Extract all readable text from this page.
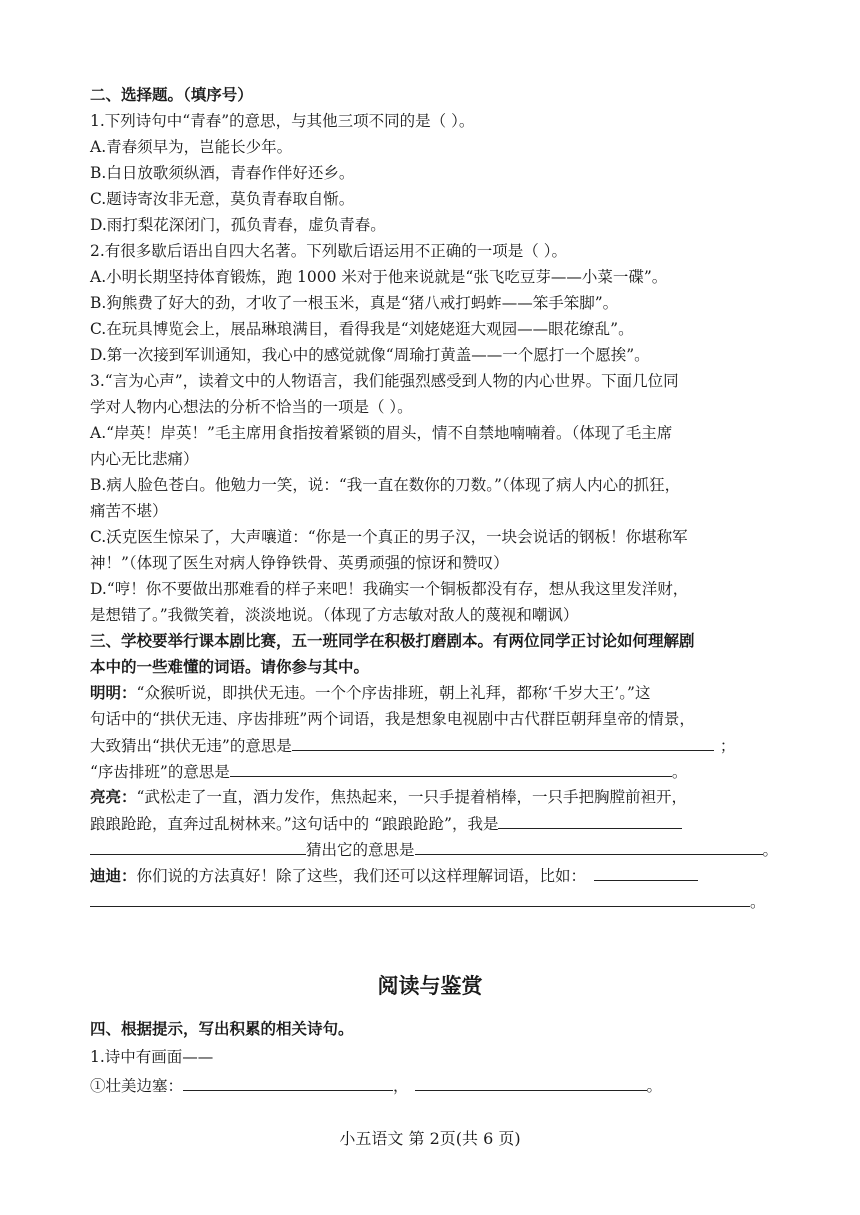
二、选择题。（填序号）
1.下列诗句中“青春”的意思，与其他三项不同的是（ ）。
A.青春须早为，岂能长少年。
B.白日放歌须纵酒，青春作伴好还乡。
C.题诗寄汝非无意，莫负青春取自惭。
D.雨打梨花深闭门，孤负青春，虚负青春。
2.有很多歇后语出自四大名著。下列歇后语运用不正确的一项是（ ）。
A.小明长期坚持体育锻炼，跑 1000 米对于他来说就是“张飞吃豆芽——小菜一碟”。
B.狗熊费了好大的劲，才收了一根玉米，真是“猪八戒打蚂蚱——笨手笨脚”。
C.在玩具博览会上，展品琳琅满目，看得我是“刘姥姥逛大观园——眼花缭乱”。
D.第一次接到军训通知，我心中的感觉就像“周瑜打黄盖——一个愿打一个愿挨”。
3.“言为心声”，读着文中的人物语言，我们能强烈感受到人物的内心世界。下面几位同
学对人物内心想法的分析不恰当的一项是（ ）。
A.“岸英！岸英！”毛主席用食指按着紧锁的眉头，情不自禁地喃喃着。（体现了毛主席
内心无比悲痛）
B.病人脸色苍白。他勉力一笑，说：“我一直在数你的刀数。”（体现了病人内心的抓狂，
痛苦不堪）
C.沃克医生惊呆了，大声嚷道：“你是一个真正的男子汉，一块会说话的钢板！你堪称军
神！”（体现了医生对病人铮铮铁骨、英勇顽强的惊讶和赞叹）
D.“哼！你不要做出那难看的样子来吧！我确实一个铜板都没有存，想从我这里发洋财，
是想错了。”我微笑着，淡淡地说。（体现了方志敏对敌人的蔑视和嘲讽）
三、学校要举行课本剧比赛，五一班同学在积极打磨剧本。有两位同学正讨论如何理解剧
本中的一些难懂的词语。请你参与其中。
明明：“众猴听说，即拱伏无违。一个个序齿排班，朝上礼拜，都称‘千岁大王’。”这
句话中的“拱伏无违、序齿排班”两个词语，我是想象电视剧中古代群臣朝拜皇帝的情景，
大致猜出“拱伏无违”的意思是	；
“序齿排班”的意思是	。
亮亮：“武松走了一直，酒力发作，焦热起来，一只手提着梢棒，一只手把胸膛前袒开，
踉踉跄跄，直奔过乱树林来。”这句话中的 “踉踉跄跄”，我是
猜出它的意思是	。
迪迪：你们说的方法真好！除了这些，我们还可以这样理解词语，比如：
。
阅读与鉴赏
四、根据提示，写出积累的相关诗句。
1.诗中有画面——
①壮美边塞：	，	。
小五语文 第 2页(共 6 页)
